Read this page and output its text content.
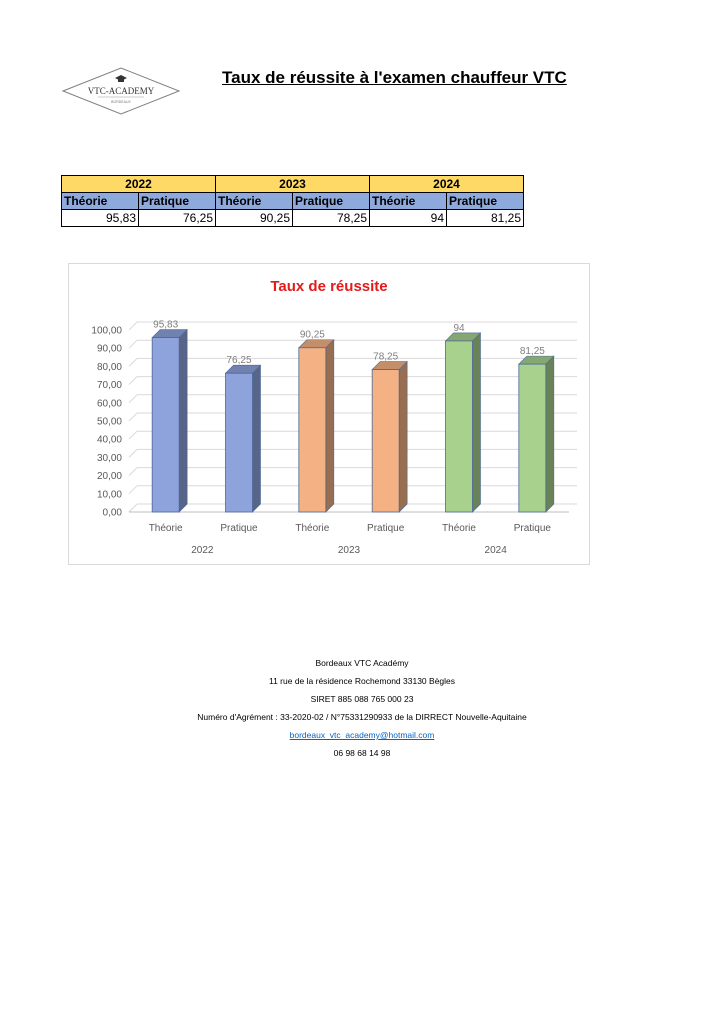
VTC-ACADEMY
BORDEAUX
Taux de réussite à l'examen chauffeur VTC
2022		2023		2024	
Théorie	Pratique	Théorie	Pratique	Théorie	Pratique
95,83	76,25	90,25	78,25	94	81,25
Taux de réussite
0,00
10,00
20,00
30,00
40,00
50,00
60,00
70,00
80,00
90,00
100,00
95,83
Théorie
76,25
Pratique
90,25
Théorie
78,25
Pratique
94
Théorie
81,25
Pratique
2022	2023	2024
Bordeaux VTC Académy
11 rue de la résidence Rochemond 33130 Bègles
SIRET 885 088 765 000 23
Numéro d'Agrément : 33-2020-02 / N°75331290933 de la DIRRECT Nouvelle-Aquitaine
bordeaux_vtc_academy@hotmail.com
06 98 68 14 98
